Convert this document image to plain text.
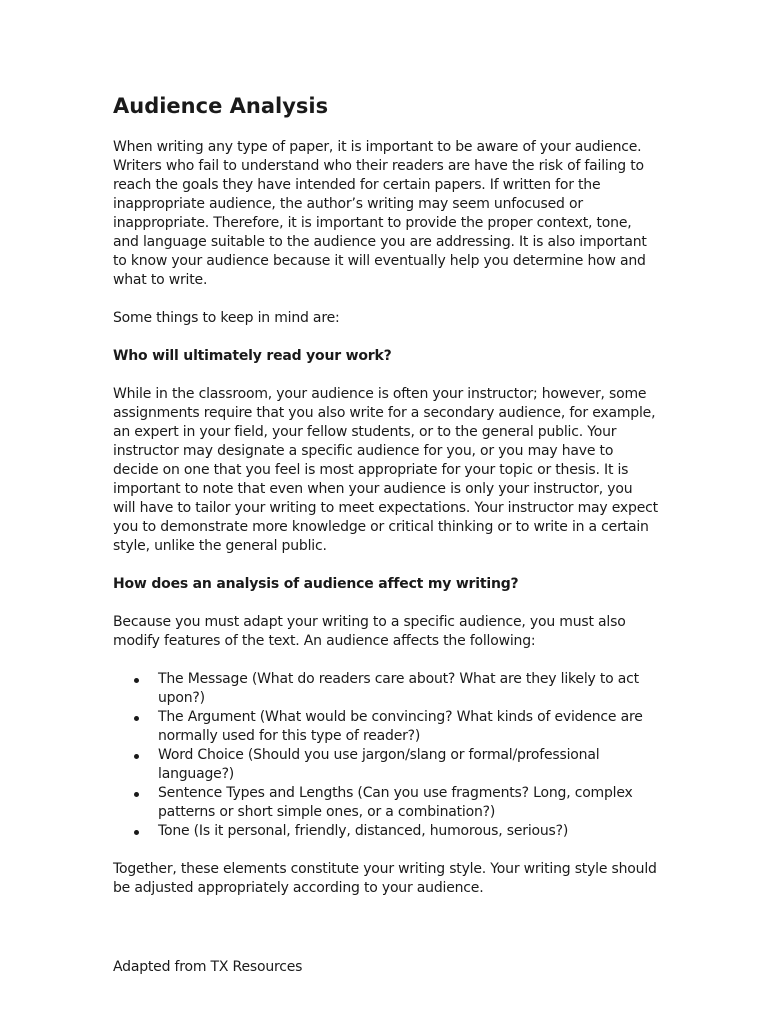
Audience Analysis

When writing any type of paper, it is important to be aware of your audience. Writers who fail to understand who their readers are have the risk of failing to reach the goals they have intended for certain papers. If written for the inappropriate audience, the author’s writing may seem unfocused or inappropriate. Therefore, it is important to provide the proper context, tone, and language suitable to the audience you are addressing. It is also important to know your audience because it will eventually help you determine how and what to write.

Some things to keep in mind are:

Who will ultimately read your work?

While in the classroom, your audience is often your instructor; however, some assignments require that you also write for a secondary audience, for example, an expert in your field, your fellow students, or to the general public. Your instructor may designate a specific audience for you, or you may have to decide on one that you feel is most appropriate for your topic or thesis. It is important to note that even when your audience is only your instructor, you will have to tailor your writing to meet expectations. Your instructor may expect you to demonstrate more knowledge or critical thinking or to write in a certain style, unlike the general public.

How does an analysis of audience affect my writing?

Because you must adapt your writing to a specific audience, you must also modify features of the text. An audience affects the following:

The Message (What do readers care about? What are they likely to act upon?)
The Argument (What would be convincing? What kinds of evidence are normally used for this type of reader?)
Word Choice (Should you use jargon/slang or formal/professional language?)
Sentence Types and Lengths (Can you use fragments? Long, complex patterns or short simple ones, or a combination?)
Tone (Is it personal, friendly, distanced, humorous, serious?)

Together, these elements constitute your writing style. Your writing style should be adjusted appropriately according to your audience.

Adapted from TX Resources
